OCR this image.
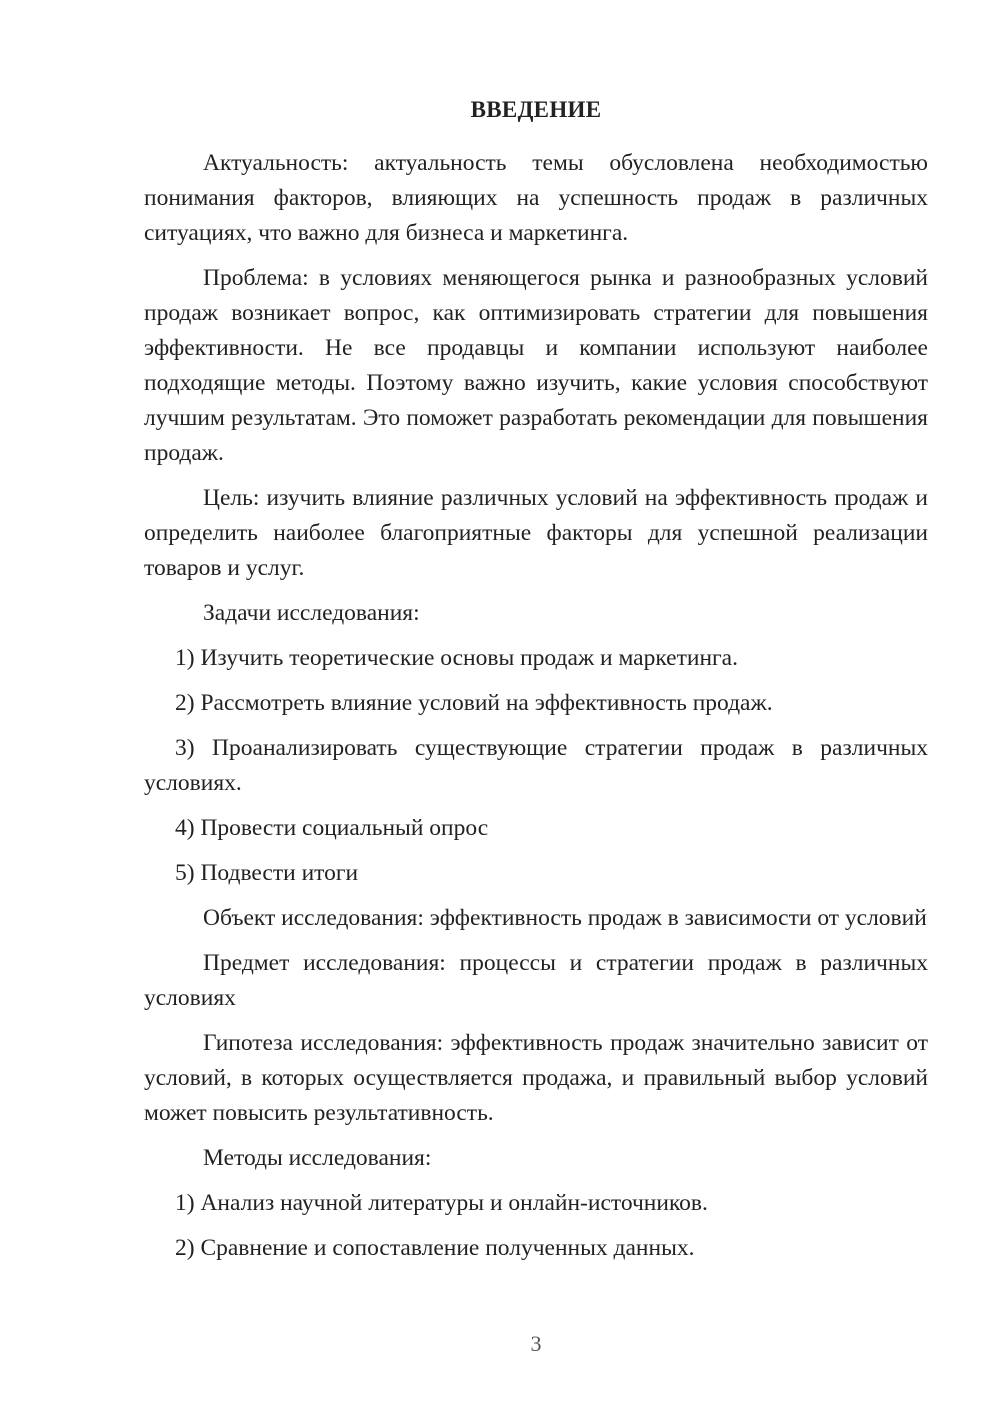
ВВЕДЕНИЕ

Актуальность: актуальность темы обусловлена необходимостью понимания факторов, влияющих на успешность продаж в различных ситуациях, что важно для бизнеса и маркетинга.

Проблема: в условиях меняющегося рынка и разнообразных условий продаж возникает вопрос, как оптимизировать стратегии для повышения эффективности. Не все продавцы и компании используют наиболее подходящие методы. Поэтому важно изучить, какие условия способствуют лучшим результатам. Это поможет разработать рекомендации для повышения продаж.

Цель: изучить влияние различных условий на эффективность продаж и определить наиболее благоприятные факторы для успешной реализации товаров и услуг.

Задачи исследования:

1) Изучить теоретические основы продаж и маркетинга.

2) Рассмотреть влияние условий на эффективность продаж.

3) Проанализировать существующие стратегии продаж в различных условиях.

4) Провести социальный опрос

5) Подвести итоги

Объект исследования: эффективность продаж в зависимости от условий

Предмет исследования: процессы и стратегии продаж в различных условиях

Гипотеза исследования: эффективность продаж значительно зависит от условий, в которых осуществляется продажа, и правильный выбор условий может повысить результативность.

Методы исследования:

1) Анализ научной литературы и онлайн-источников.

2) Сравнение и сопоставление полученных данных.

3
